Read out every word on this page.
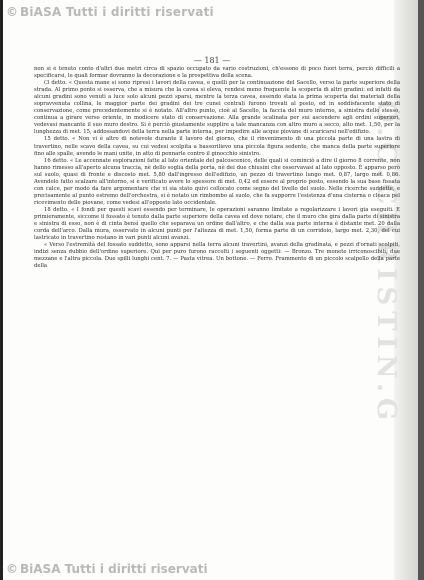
© BiASA Tutti i diritti riservati
O.C.CHRISTIN.G
— 181 —

non si è tenuto conto d'altri due metri circa di spazio occupato da vario costruzioni, ch'essono di poco fuori terra, perciò difficili a specificarsi, le quali formar dovranno la decorazione e la prospettiva della scena.

(3 detto. « Questa mane si sono ripresi i lavori della cavea, e quelli per la continuazione del Sacello, verso la parte superiore della strada. Al primo ponto si osserva, che a misura che la cavea si eleva, rendesi meno frequente la scoperta di altri gradini: ed infatti da alcuni gradini sono venuti a luce solo alcuni pezzi sparsi, mentre la terza cavea, essendo stata la prima scoperta dai materiali della sopravvenuta collina, le maggior parte dei gradini dei tre cunei centrali furono trovati al posto, ed in soddisfacente stato di conservazione, come precedentemente si è notato. All'altro punto, cioè al Sacello, la faccia del muro interno, a sinistra dello stesso, continua a girare verso oriente, in modicere stato di conservazione. Alla grande scalinata per sui ascendere agli ordini superiori, vedevasi mancante il suo muro destro. Si è perciò giustamente supplire a tale mancanza con altro muro a secco, alto met. 1,50, per la lunghezza di met. 15, addossandovi della terra nella parte interna, per impedire alle acque piovane di scaricarsi nell'edifizio.

15 detto. « Non vi è altro di notevole durante il lavoro del giorno, che il rinvenimento di una piccola parte di una lastra di travertino, nelle scavo della cavea, su cui vedesi scolpita a bassorilievo una piccola figura sedente, che manca della parte superiore fino alle spalle, avendo le mani unite, in atto di pennarle contro il ginocchio sinistro.

16 detto. « Le accennate esplorazioni fatte al lato orientale del palcoscenico, delle quali si cominciò a dire il giorno 8 corrente, non hanno rimesso all'aperto alcuna traccia, nè dello soglia della porta, nè dei due chiusini che osservavasi al lato opposto. È apparso però sul suolo, quasi di fronte e discosto met. 5,80 dall'ingresso dell'edifizio, un pezzo di travertino lungo met. 0,87, largo met. 0,86. Avendolo fatto scalzare all'intorno, si è verificato avere lo spessore di met. 0,42 ed essere al proprio posto, essendo la sua base fissata con calce, per modo da fare argomentare che vi sia stato quivi collocato come segno del livello del suolo. Nelle ricerche suddette, e precisamente al punto estremo dell'orchestra, si è notato un rimbombo al suolo, che fa supporre l'esistenza d'una cisterna o cloaca pel ricevimento delle piovane, come vedesi all'opposto lato occidentale.

18 detto. « I fondi per questi scavi essendo per terminare, le operazioni saranno limitate a regolarizzare i lavori gia eseguiti. E primieramente, siccome il fossato è tenuto dalla parte superiore della cavea ed dove notare, che il muro che gira dalla parte di sinistra e sinistra di esso, non è di cinta bensì quello che separava un ordine dall'altro, e che dalla sua parte interna è distante met. 20 dalla corda dell'arco. Dalla mura, osservato in alcuni punti per l'altezza di met. 1,50, forma parte di un corridoio, largo met. 2,30, del cui lastricato in travertino restano in vari punti alcuni avanzi.

« Verso l'estremità del fossato suddetto, sono apparsi nella terra alcuni travertini, avanzi della gradinata, e pezzi d'ornati scolpiti, indizi senza dubbio dell'ordine superiore. Qui per puro furono raccolti i seguenti oggetti: — Bronzo. Tre monete irriconoscibili, due mezzane e l'altra piccola. Due spilli lunghi cent. 7. — Pasta vitrea. Un bottone. — Ferro. Frammento di un piccolo scalpello della parte della

© BiASA Tutti i diritti riservati
